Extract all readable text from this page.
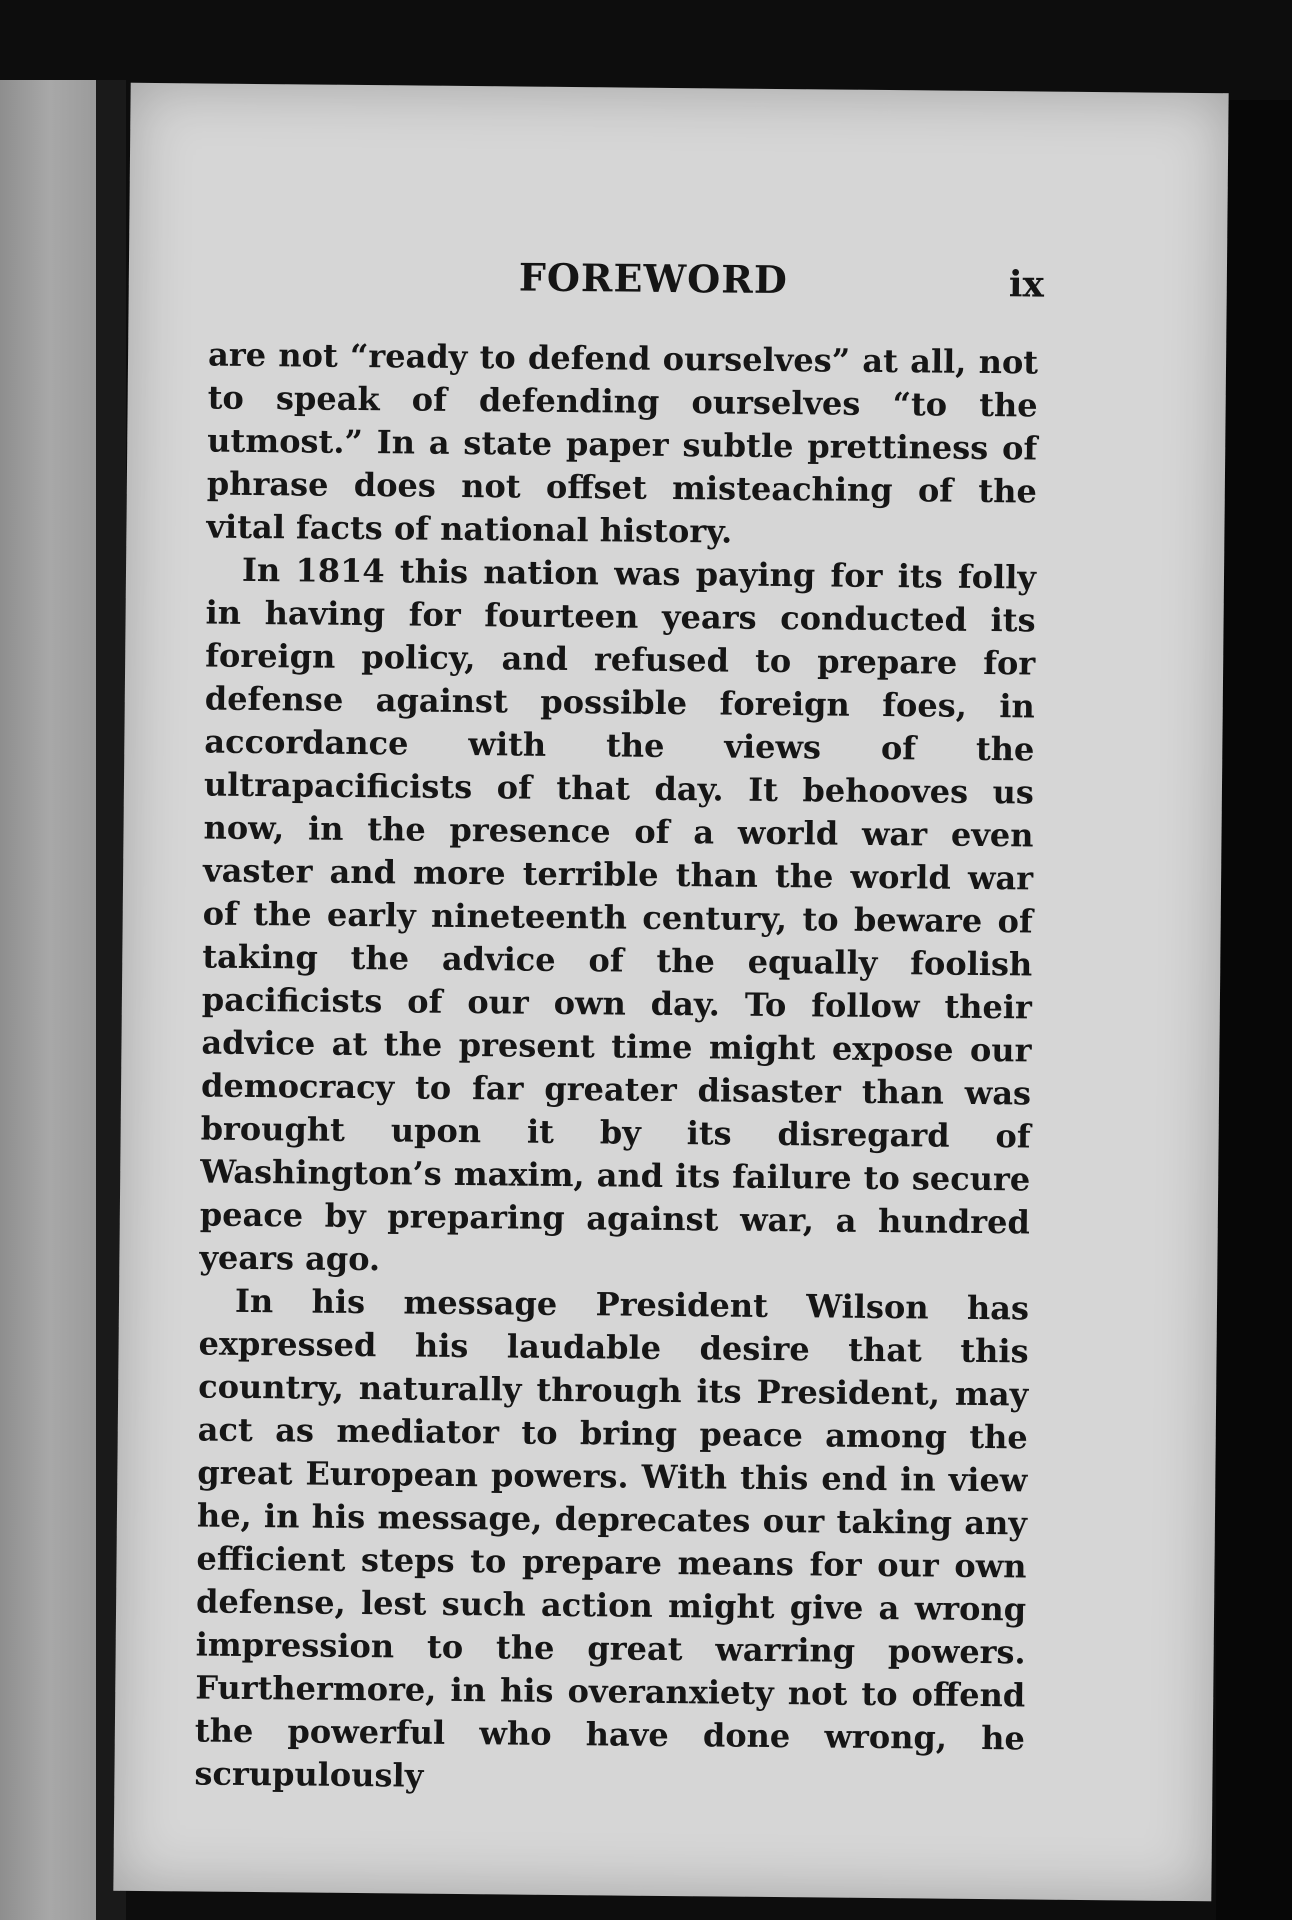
FOREWORD	ix

are not “ready to defend ourselves” at all, not to speak of defending ourselves “to the utmost.” In a state paper subtle prettiness of phrase does not offset misteaching of the vital facts of national history.

In 1814 this nation was paying for its folly in having for fourteen years conducted its foreign policy, and refused to prepare for defense against possible foreign foes, in accordance with the views of the ultrapacificists of that day. It behooves us now, in the presence of a world war even vaster and more terrible than the world war of the early nineteenth century, to beware of taking the advice of the equally foolish pacificists of our own day. To follow their advice at the present time might expose our democracy to far greater disaster than was brought upon it by its disregard of Washington’s maxim, and its failure to secure peace by preparing against war, a hundred years ago.

In his message President Wilson has expressed his laudable desire that this country, naturally through its President, may act as mediator to bring peace among the great European powers. With this end in view he, in his message, deprecates our taking any efficient steps to prepare means for our own defense, lest such action might give a wrong impression to the great warring powers. Furthermore, in his overanxiety not to offend the powerful who have done wrong, he scrupulously
